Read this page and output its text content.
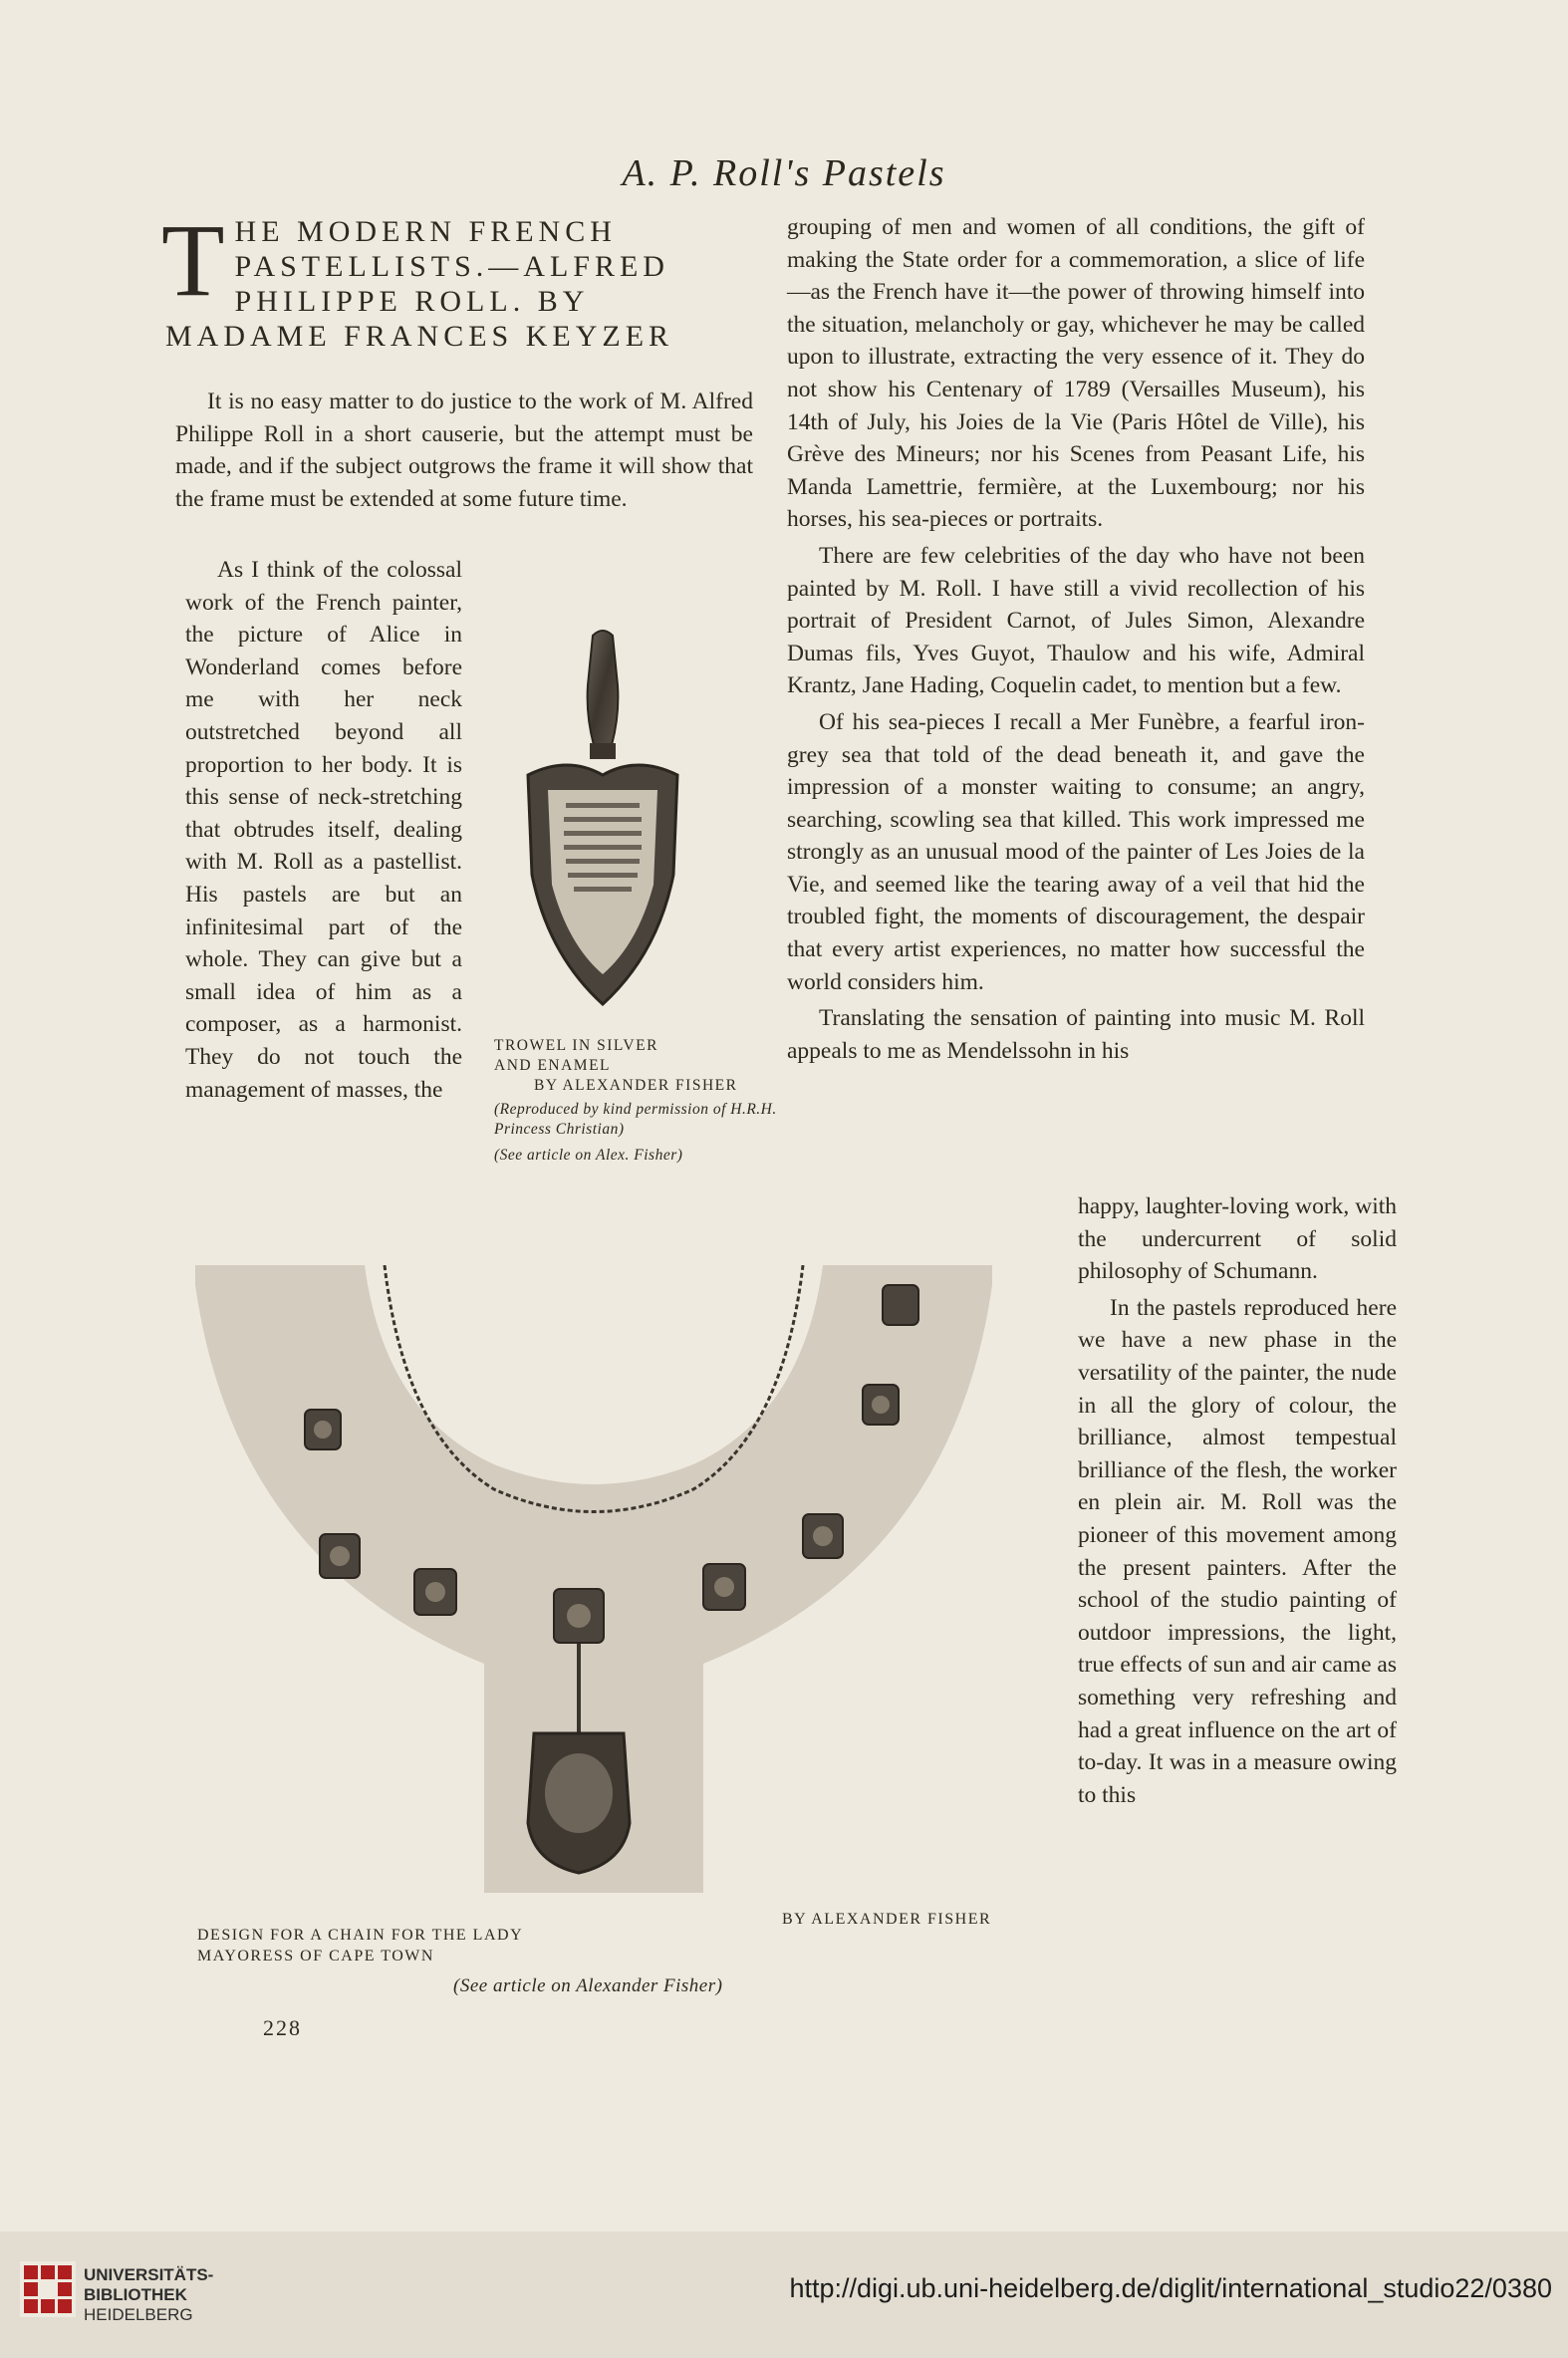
A. P. Roll's Pastels
THE MODERN FRENCH PASTELLISTS.—ALFRED PHILIPPE ROLL. BY MADAME FRANCES KEYZER

It is no easy matter to do justice to the work of M. Alfred Philippe Roll in a short causerie, but the attempt must be made, and if the subject outgrows the frame it will show that the frame must be extended at some future time.

As I think of the colossal work of the French painter, the picture of Alice in Wonderland comes before me with her neck outstretched beyond all proportion to her body. It is this sense of neck-stretching that obtrudes itself, dealing with M. Roll as a pastellist. His pastels are but an infinitesimal part of the whole. They can give but a small idea of him as a composer, as a harmonist. They do not touch the management of masses, the

TROWEL IN SILVER AND ENAMEL
BY ALEXANDER FISHER
(Reproduced by kind permission of H.R.H. Princess Christian)
(See article on Alex. Fisher)

grouping of men and women of all conditions, the gift of making the State order for a commemoration, a slice of life—as the French have it—the power of throwing himself into the situation, melancholy or gay, whichever he may be called upon to illustrate, extracting the very essence of it. They do not show his Centenary of 1789 (Versailles Museum), his 14th of July, his Joies de la Vie (Paris Hôtel de Ville), his Grève des Mineurs; nor his Scenes from Peasant Life, his Manda Lamettrie, fermière, at the Luxembourg; nor his horses, his sea-pieces or portraits.

There are few celebrities of the day who have not been painted by M. Roll. I have still a vivid recollection of his portrait of President Carnot, of Jules Simon, Alexandre Dumas fils, Yves Guyot, Thaulow and his wife, Admiral Krantz, Jane Hading, Coquelin cadet, to mention but a few.

Of his sea-pieces I recall a Mer Funèbre, a fearful iron-grey sea that told of the dead beneath it, and gave the impression of a monster waiting to consume; an angry, searching, scowling sea that killed. This work impressed me strongly as an unusual mood of the painter of Les Joies de la Vie, and seemed like the tearing away of a veil that hid the troubled fight, the moments of discouragement, the despair that every artist experiences, no matter how successful the world considers him.

Translating the sensation of painting into music M. Roll appeals to me as Mendelssohn in his

happy, laughter-loving work, with the undercurrent of solid philosophy of Schumann.

In the pastels reproduced here we have a new phase in the versatility of the painter, the nude in all the glory of colour, the brilliance, almost tempestual brilliance of the flesh, the worker en plein air. M. Roll was the pioneer of this movement among the present painters. After the school of the studio painting of outdoor impressions, the light, true effects of sun and air came as something very refreshing and had a great influence on the art of to-day. It was in a measure owing to this

DESIGN FOR A CHAIN FOR THE LADY MAYORESS OF CAPE TOWN
BY ALEXANDER FISHER
(See article on Alexander Fisher)
228
UNIVERSITÄTS-
BIBLIOTHEK
HEIDELBERG
http://digi.ub.uni-heidelberg.de/diglit/international_studio22/0380
